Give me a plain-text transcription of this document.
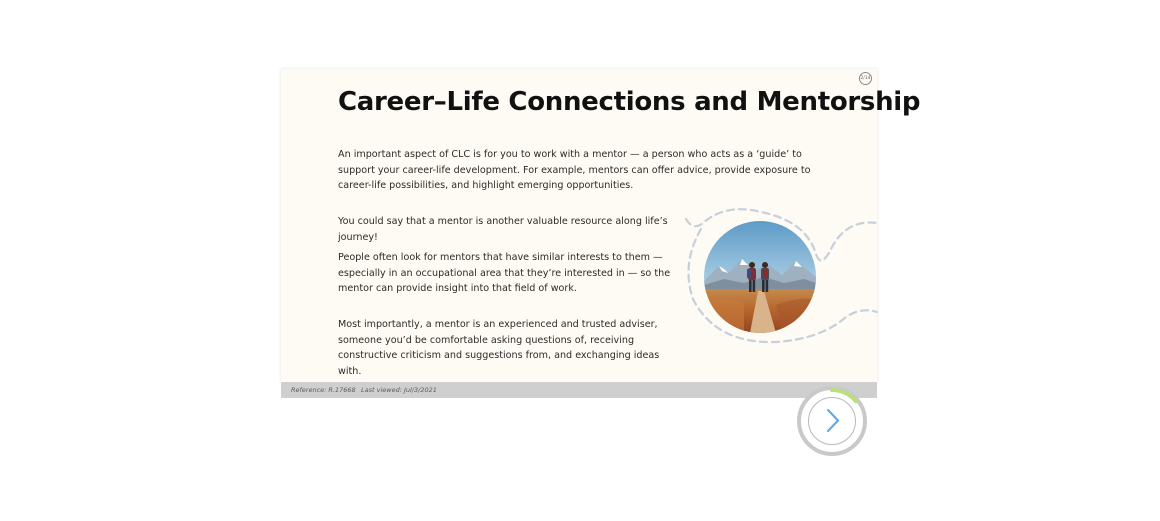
Career–Life Connections and Mentorship
2/14

An important aspect of CLC is for you to work with a mentor — a person who acts as a ‘guide’ to support your career-life development. For example, mentors can offer advice, provide exposure to career-life possibilities, and highlight emerging opportunities.

You could say that a mentor is another valuable resource along life’s journey!

People often look for mentors that have similar interests to them — especially in an occupational area that they’re interested in — so the mentor can provide insight into that field of work.

Most importantly, a mentor is an experienced and trusted adviser, someone you’d be comfortable asking questions of, receiving constructive criticism and suggestions from, and exchanging ideas with.

Reference: R.17668 Last viewed: Jul/3/2021
